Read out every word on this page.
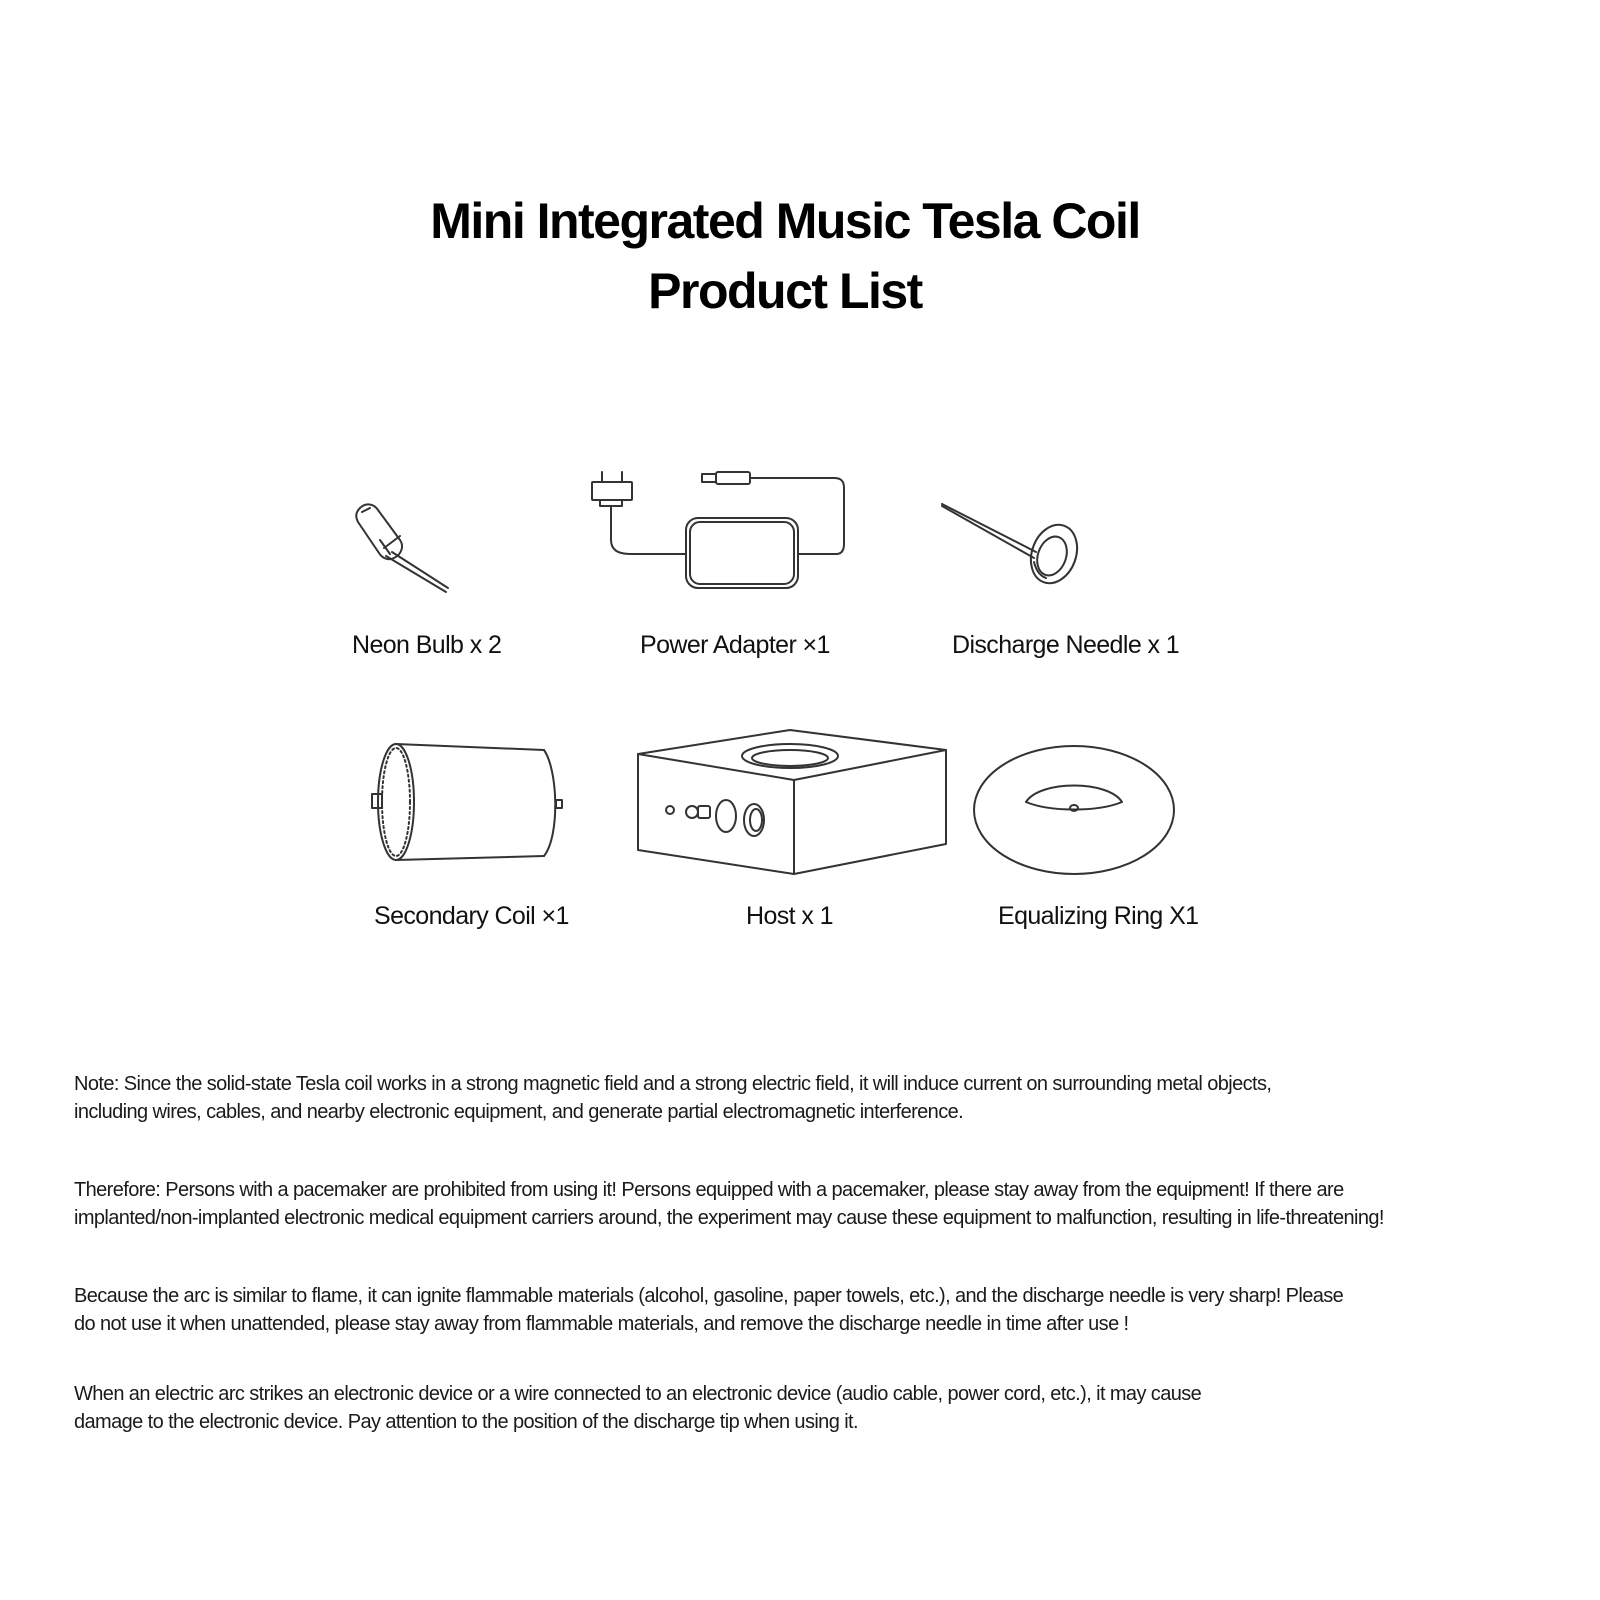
Mini Integrated Music Tesla Coil
Product List
Neon Bulb x 2	Power Adapter ×1	Discharge Needle x 1
Secondary Coil ×1	Host x 1	Equalizing Ring X1

Note: Since the solid-state Tesla coil works in a strong magnetic field and a strong electric field, it will induce current on surrounding metal objects,
including wires, cables, and nearby electronic equipment, and generate partial electromagnetic interference.

Therefore: Persons with a pacemaker are prohibited from using it! Persons equipped with a pacemaker, please stay away from the equipment! If there are
implanted/non-implanted electronic medical equipment carriers around, the experiment may cause these equipment to malfunction, resulting in life-threatening!

Because the arc is similar to flame, it can ignite flammable materials (alcohol, gasoline, paper towels, etc.), and the discharge needle is very sharp! Please
do not use it when unattended, please stay away from flammable materials, and remove the discharge needle in time after use !

When an electric arc strikes an electronic device or a wire connected to an electronic device (audio cable, power cord, etc.), it may cause
damage to the electronic device. Pay attention to the position of the discharge tip when using it.
